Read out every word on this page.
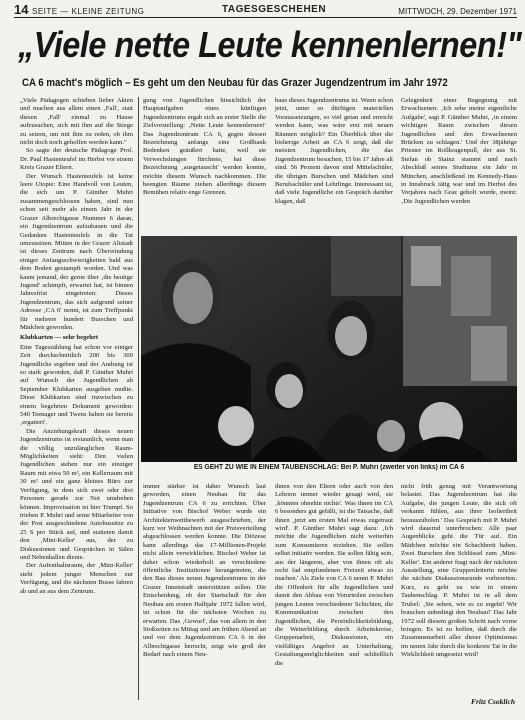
14 SEITE — KLEINE ZEITUNG	TAGESGESCHEHEN	MITTWOCH, 29. Dezember 1971
„Viele nette Leute kennenlernen!"
CA 6 macht's möglich – Es geht um den Neubau für das Grazer Jugendzentrum im Jahr 1972

„Viele Pädagogen schieben lieber Akten und machen aus allem einen ‚Fall', statt diesen ‚Fall' einmal zu Hause aufzusuchen, sich mit ihm auf die Stiege zu setzen, um mit ihm zu reden, ob ihm nicht doch noch geholfen werden kann."

So sagte der deutsche Pädagoge Prof. Dr. Paul Hastenteufel im Herbst vor einem Kreis Grazer Eltern.

Der Wunsch Hastenteufels ist keine leere Utopie: Eine Handvoll von Leuten, die sich um P. Günther Muhri zusammengeschlossen haben, sind nun schon seit mehr als einem Jahr in der Grazer Albrechtgasse Nummer 6 daran, ein Jugendzentrum aufzubauen und die Gedanken Hastenteufels in die Tat umzusetzen. Mitten in der Grazer Altstadt ist dieses Zentrum nach Überwindung einiger Anfangsschwierigkeiten bald aus dem Boden gestampft worden. Und was kaum jemand, der gerne über ‚die heutige Jugend' schimpft, erwartet hat, ist binnen Jahresfrist eingetreten: Dieses Jugendzentrum, das sich aufgrund seiner Adresse ‚CA 6' nennt, ist zum Treffpunkt für mehrere hundert Burschen und Mädchen geworden.

Klubkarten — sehr begehrt

Eine Tageszählung hat schon vor einiger Zeit durchschnittlich 200 bis 300 Jugendliche ergeben und der Andrang ist so stark geworden, daß P. Günther Muhri auf Wunsch der Jugendlichen ab September Klubkarten ausgeben mußte. Diese Klubkarten sind inzwischen zu einem begehrten Dokument geworden: 540 Teenager und Twens haben sie bereits ‚ergattert'.

Die Anziehungskraft dieses neuen Jugendzentrums ist erstaunlich, wenn man die völlig unzulänglichen Raum-Möglichkeiten sieht: Den vielen Jugendlichen stehen nur ein einziger Raum mit etwa 50 m², ein Kellerraum mit 30 m² und ein ganz kleines Büro zur Verfügung, in dem sich zwei oder drei Personen gerade zur Not umdrehen können. Improvisation ist hier Trumpf. So trieben P. Muhri und seine Mitarbeiter von der Post ausgeschiedene Autobussitze zu 25 S pro Stück auf, und statteten damit den ‚Mini-Keller' aus, der zu Diskussionen und Gesprächen in Sälen und Nebenhallen diente.

Der Aufenthaltsraum, der ‚Mini-Keller' steht jedem junger Menschen zur Verfügung, und die nächsten Busse fahren ab und an aus dem Zentrum.

gung von Jugendlichen hinsichtlich der Hauptaufgaben eines künftigen Jugendzentrums ergab sich an erster Stelle die Zielvorstellung: ‚Nette Leute kennenlernen!' Das Jugendzentrum CA 6, gegen dessen Bezeichnung anfangs eine Großbank Bedenken geäußert hatte, weil sie Verwechslungen fürchtete, hat diese Bezeichnung ‚ausgetauscht' werden konnte, möchte diesem Wunsch nachkommen. Die beengten Räume ziehen allerdings diesem Bemühen relativ enge Grenzen.

baus dieses Jugendzentrums ist. Wenn schon jetzt, unter so dürftigen materiellen Voraussetzungen, so viel getan und erreicht werden kann, was wäre erst mit neuen Räumen möglich? Ein Überblick über die bisherige Arbeit an CA 6 zeigt, daß die meisten Jugendlichen, die das Jugendzentrum besuchen, 15 bis 17 Jahre alt sind. 56 Prozent davon sind Mittelschüler, die übrigen Burschen und Mädchen sind Berufsschüler und Lehrlinge. Interessant ist, daß viele Jugendliche ein Gespräch darüber klagen, daß

Gelegenheit einer Begegnung mit Erwachsenen: ‚Ich sehe meine eigentliche Aufgabe', sagt P. Günther Muhri, ‚in einem wichtigen Raum zwischen diesen Jugendlichen und den Erwachsenen Brücken zu schlagen.' Und der 38jährige Priester im Rollkragenpull, der aus St. Stefan ob Stainz stammt und nach Abschluß seines Studiums ein Jahr in München, anschließend im Kennedy-Haus in Innsbruck tätig war und im Herbst des Vorjahres nach Graz geholt wurde, meint: ‚Die Jugendlichen werden

ES GEHT ZU WIE IN EINEM TAUBENSCHLAG: Bei P. Muhri (zweiter von links) im CA 6

immer stärker ist daher Wunsch laut geworden, einen Neubau für das Jugendzentrum CA 6 zu errichten. Über Initiative von Bischof Weber wurde ein Architektenwettbewerb ausgeschrieben, der kurz vor Weihnachten mit der Preisverteilung abgeschlossen werden konnte. Die Diözese kann allerdings das 17-Millionen-Projekt nicht allein verwirklichen. Bischof Weber ist daher schon wiederholt an verschiedene öffentliche Institutionen herangetreten, die den Bau dieses neuen Jugendzentrums in der Grazer Innenstadt unterstützen sollen. Die Entscheidung, ob der Startschuß für den Neubau am ersten Halbjahr 1972 fallen wird, ist schon für die nächsten Wochen zu erwarten. Das ‚Gewurl', das von allem in den Stoßzeiten zu Mittag und am frühen Abend an und vor dem Jugendzentrum CA 6 in der Albrechtgasse herrscht, zeigt wie groß der Bedarf nach einem Neu-

ihnen von den Eltern oder auch von den Lehrern immer wieder gesagt wird, sie ‚könnten ohnehin nichts'. Was ihnen im CA 6 besonders gut gefällt, ist die Tatsache, daß ihnen ‚jetzt am ersten Mal etwas zugetraut wird'. P. Günther Muhri sagt dazu: ‚Ich möchte die Jugendlichen nicht weiterhin zum Konsumieren erziehen. Sie sollen selbst initiativ werden. Sie sollen fähig sein, aus der längeren, aber von ihnen oft als recht fad empfundenen Freizeit etwas zu machen.' Als Ziele von CA 6 nennt P. Muhri die Offenheit für alle Jugendlichen und damit den Abbau von Vorurteilen zwischen jungen Leuten verschiedener Schichten, die Kommunikation zwischen den Jugendlichen, die Persönlichkeitsbildung, die Weiterbildung durch Arbeitskreise, Gruppenarbeit, Diskussionen, ein vielfältiges Angebot an Unterhaltung, Gestaltungsmöglichkeiten und schließlich die

nicht früh genug mit Verantwortung belastet. Das Jugendzentrum hat die Aufgabe, die jungen Leute, die sich oft verkannt fühlen, aus ihrer Isoliertheit herauszuholen.' Das Gespräch mit P. Muhri wird dauernd unterbrochen: Alle paar Augenblicke geht die Tür auf. Ein Mädchen möchte ein Schachbrett haben. Zwei Burschen den Schlüssel zum ‚Mini-Keller'. Ein anderer fragt nach der nächsten Ausstellung, eine Gruppenleiterin möchte die nächste Diskussionsrunde vorbereiten. Kurz, es geht zu wie in einem Taubenschlag. P. Muhri ist in all dem Trubel: ‚Sie sehen, wie es zu ergeht! Wir brauchen unbedingt den Neubau!' Das Jahr 1972 soll diesem großen Schritt nach vorne bringen. Es ist zu hoffen, daß durch die Zusammenarbeit aller dieser Optimismus im neuen Jahr durch die konkrete Tat in die Wirklichkeit umgesetzt wird!

Fritz Csoklich
